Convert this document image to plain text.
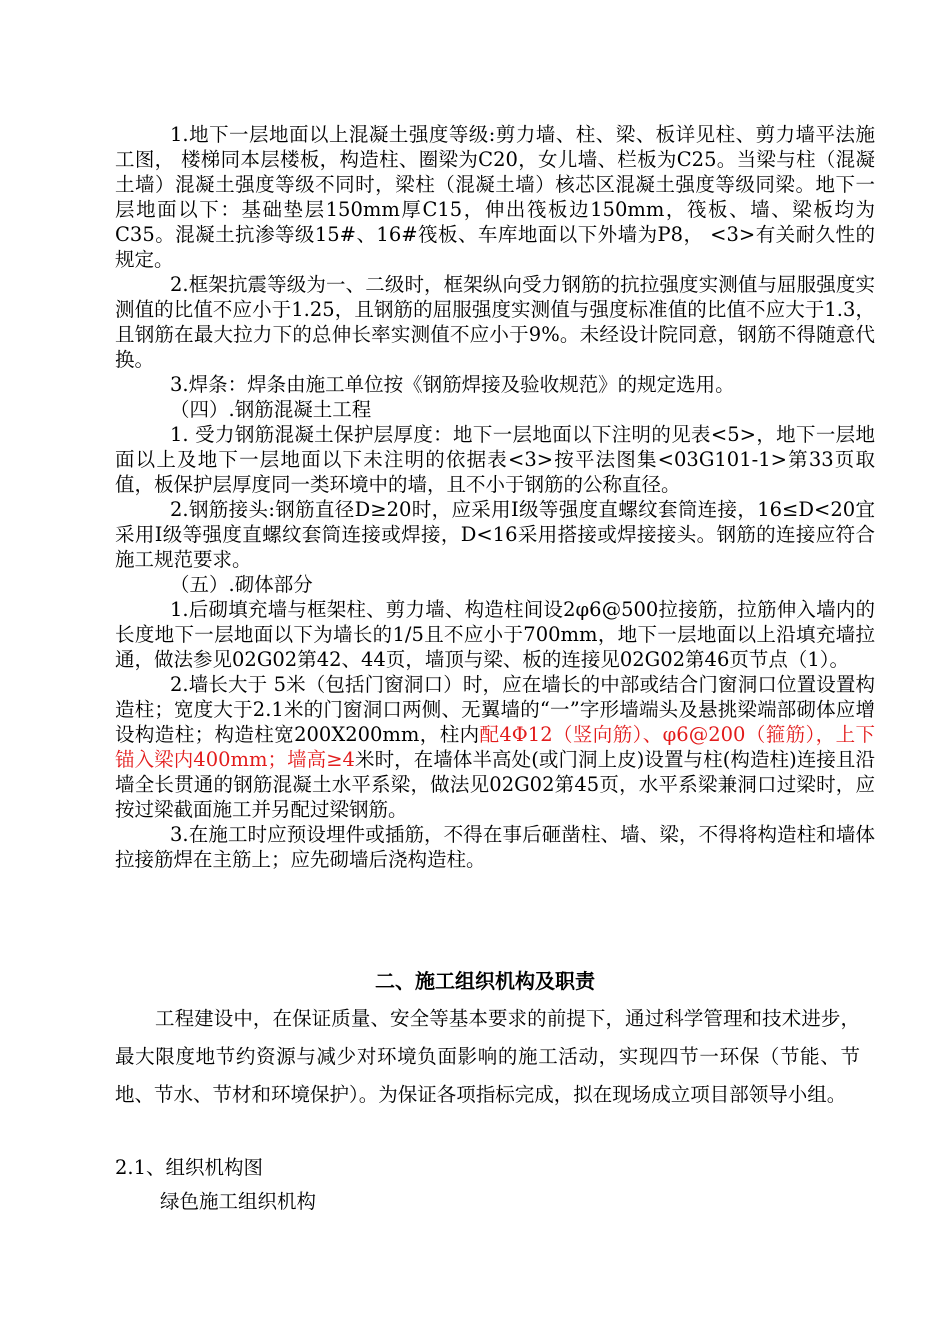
1.地下一层地面以上混凝土强度等级:剪力墙、柱、梁、板详见柱、剪力墙平法施工图， 楼梯同本层楼板，构造柱、圈梁为C20，女儿墙、栏板为C25。当梁与柱（混凝土墙）混凝土强度等级不同时，梁柱（混凝土墙）核芯区混凝土强度等级同梁。地下一层地面以下：基础垫层150mm厚C15，伸出筏板边150mm，筏板、墙、梁板均为C35。混凝土抗渗等级15#、16#筏板、车库地面以下外墙为P8， <3>有关耐久性的规定。

2.框架抗震等级为一、二级时，框架纵向受力钢筋的抗拉强度实测值与屈服强度实测值的比值不应小于1.25，且钢筋的屈服强度实测值与强度标准值的比值不应大于1.3，且钢筋在最大拉力下的总伸长率实测值不应小于9%。未经设计院同意，钢筋不得随意代换。

3.焊条：焊条由施工单位按《钢筋焊接及验收规范》的规定选用。

（四）.钢筋混凝土工程

1. 受力钢筋混凝土保护层厚度：地下一层地面以下注明的见表<5>，地下一层地面以上及地下一层地面以下未注明的依据表<3>按平法图集<03G101-1>第33页取值，板保护层厚度同一类环境中的墙，且不小于钢筋的公称直径。

2.钢筋接头:钢筋直径D≥20时，应采用Ⅰ级等强度直螺纹套筒连接，16≤D<20宜采用Ⅰ级等强度直螺纹套筒连接或焊接，D<16采用搭接或焊接接头。钢筋的连接应符合施工规范要求。

（五）.砌体部分

1.后砌填充墙与框架柱、剪力墙、构造柱间设2φ6@500拉接筋，拉筋伸入墙内的长度地下一层地面以下为墙长的1/5且不应小于700mm，地下一层地面以上沿填充墙拉通，做法参见02G02第42、44页，墙顶与梁、板的连接见02G02第46页节点（1）。

2.墙长大于 5米（包括门窗洞口）时，应在墙长的中部或结合门窗洞口位置设置构造柱；宽度大于2.1米的门窗洞口两侧、无翼墙的“一”字形墙端头及悬挑梁端部砌体应增设构造柱；构造柱宽200X200mm，柱内配4Φ12（竖向筋）、φ6@200（箍筋），上下锚入梁内400mm；墙高≥4米时，在墙体半高处(或门洞上皮)设置与柱(构造柱)连接且沿墙全长贯通的钢筋混凝土水平系梁，做法见02G02第45页，水平系梁兼洞口过梁时，应按过梁截面施工并另配过梁钢筋。

3.在施工时应预设埋件或插筋，不得在事后砸凿柱、墙、梁，不得将构造柱和墙体拉接筋焊在主筋上；应先砌墙后浇构造柱。

二、施工组织机构及职责

工程建设中，在保证质量、安全等基本要求的前提下，通过科学管理和技术进步，最大限度地节约资源与减少对环境负面影响的施工活动，实现四节一环保（节能、节地、节水、节材和环境保护）。为保证各项指标完成，拟在现场成立项目部领导小组。

2.1、组织机构图
绿色施工组织机构
